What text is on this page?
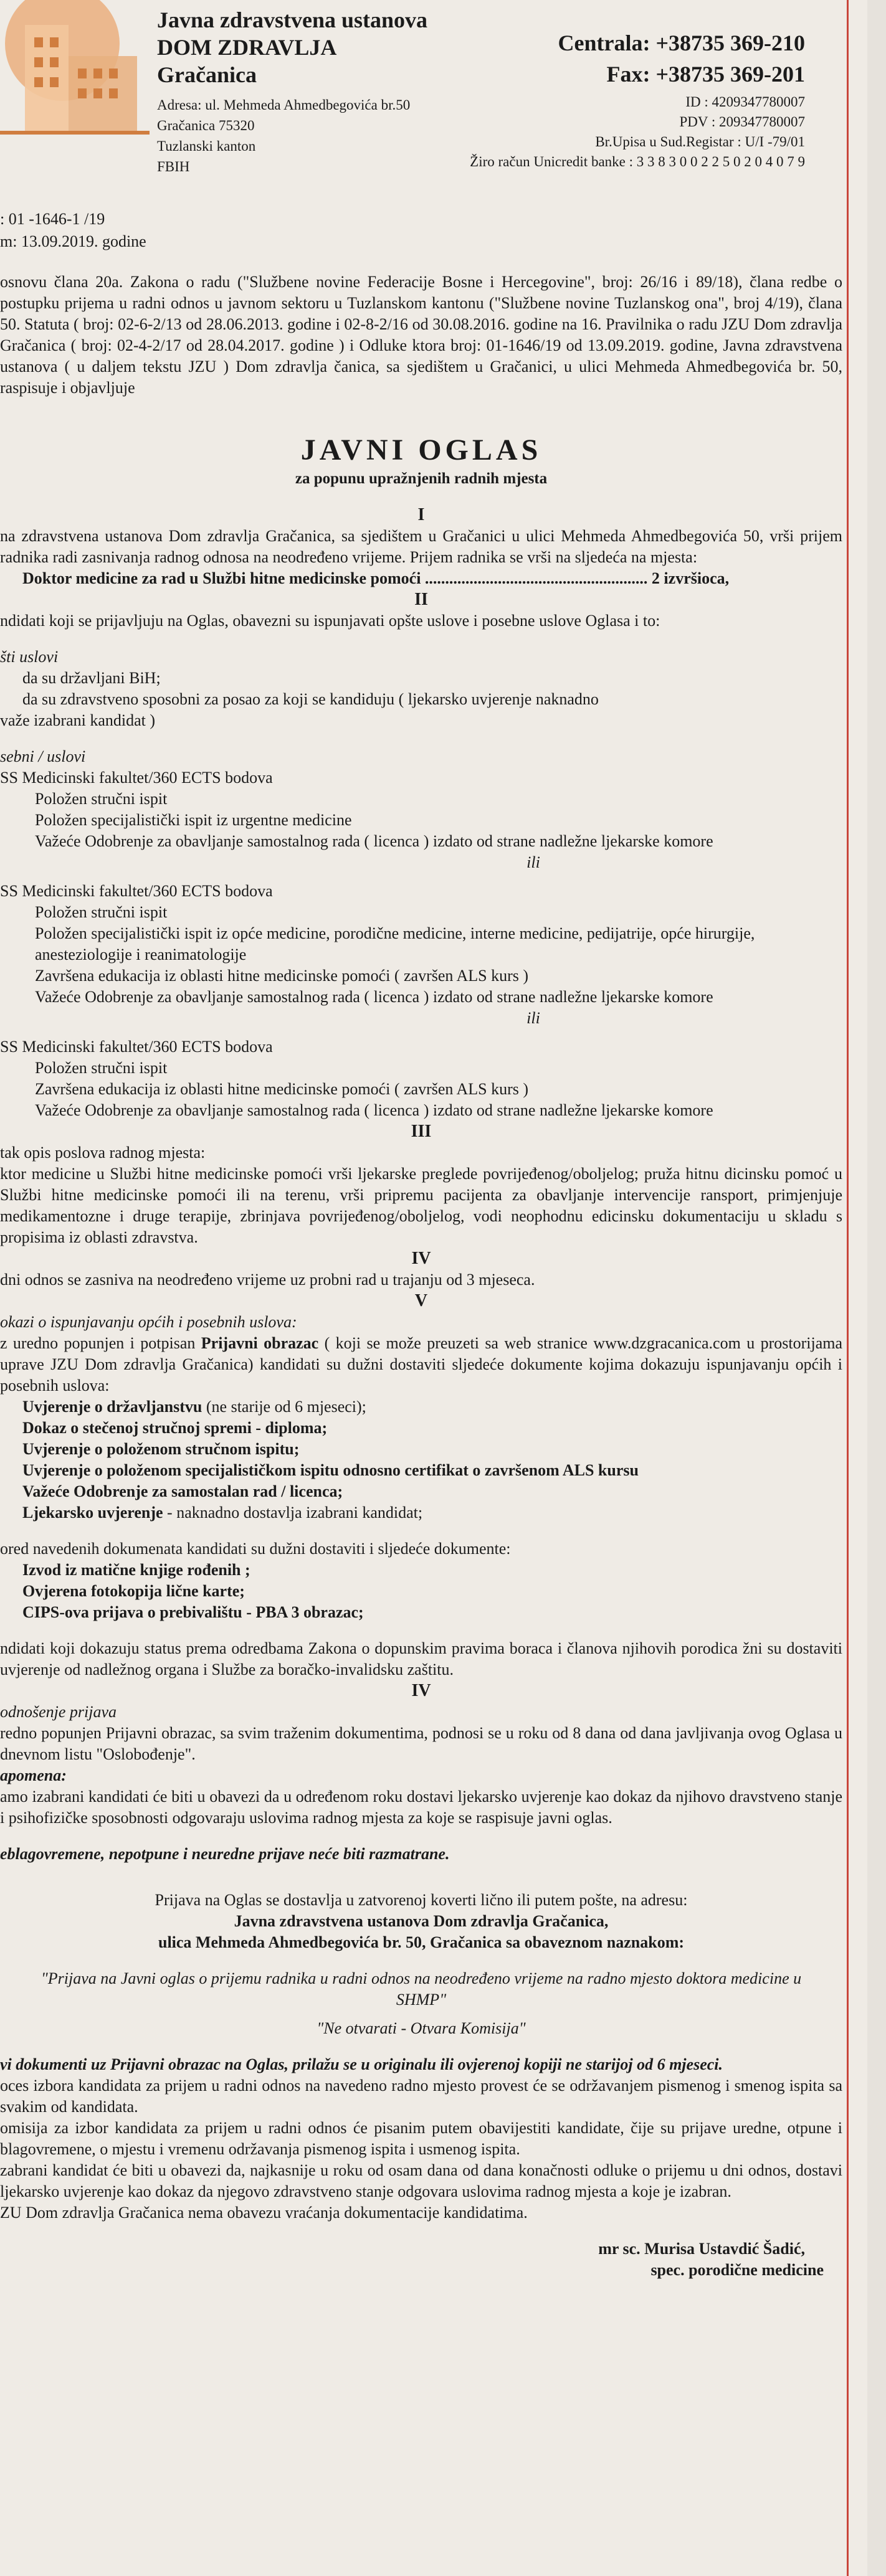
Javna zdravstvena ustanova
DOM ZDRAVLJA
Gračanica
Adresa: ul. Mehmeda Ahmedbegovića br.50
Gračanica 75320
Tuzlanski kanton
FBIH
Centrala: +38735 369-210
Fax: +38735 369-201
ID : 4209347780007
PDV : 209347780007
Br.Upisa u Sud.Registar : U/I -79/01
Žiro račun Unicredit banke : 3 3 8 3 0 0 2 2 5 0 2 0 4 0 7 9
: 01 -1646-1 /19
m: 13.09.2019. godine

osnovu člana 20a. Zakona o radu ("Službene novine Federacije Bosne i Hercegovine", broj: 26/16 i 89/18), člana redbe o postupku prijema u radni odnos u javnom sektoru u Tuzlanskom kantonu ("Službene novine Tuzlanskog ona", broj 4/19), člana 50. Statuta ( broj: 02-6-2/13 od 28.06.2013. godine i 02-8-2/16 od 30.08.2016. godine na 16. Pravilnika o radu JZU Dom zdravlja Gračanica ( broj: 02-4-2/17 od 28.04.2017. godine ) i Odluke ktora broj: 01-1646/19 od 13.09.2019. godine, Javna zdravstvena ustanova ( u daljem tekstu JZU ) Dom zdravlja čanica, sa sjedištem u Gračanici, u ulici Mehmeda Ahmedbegovića br. 50, raspisuje i objavljuje

JAVNI OGLAS
za popunu upražnjenih radnih mjesta
I

na zdravstvena ustanova Dom zdravlja Gračanica, sa sjedištem u Gračanici u ulici Mehmeda Ahmedbegovića 50, vrši prijem radnika radi zasnivanja radnog odnosa na neodređeno vrijeme. Prijem radnika se vrši na sljedeća na mjesta:

Doktor medicine za rad u Službi hitne medicinske pomoći ....................................................... 2 izvršioca,

II

ndidati koji se prijavljuju na Oglas, obavezni su ispunjavati opšte uslove i posebne uslove Oglasa i to:

šti uslovi

da su državljani BiH;

da su zdravstveno sposobni za posao za koji se kandiduju ( ljekarsko uvjerenje naknadno

važe izabrani kandidat )

sebni / uslovi

SS Medicinski fakultet/360 ECTS bodova

Položen stručni ispit

Položen specijalistički ispit iz urgentne medicine

Važeće Odobrenje za obavljanje samostalnog rada ( licenca ) izdato od strane nadležne ljekarske komore

ili

SS Medicinski fakultet/360 ECTS bodova

Položen stručni ispit

Položen specijalistički ispit iz opće medicine, porodične medicine, interne medicine, pedijatrije, opće hirurgije,

anesteziologije i reanimatologije

Završena edukacija iz oblasti hitne medicinske pomoći ( završen ALS kurs )

Važeće Odobrenje za obavljanje samostalnog rada ( licenca ) izdato od strane nadležne ljekarske komore

ili

SS Medicinski fakultet/360 ECTS bodova

Položen stručni ispit

Završena edukacija iz oblasti hitne medicinske pomoći ( završen ALS kurs )

Važeće Odobrenje za obavljanje samostalnog rada ( licenca ) izdato od strane nadležne ljekarske komore

III

tak opis poslova radnog mjesta:

ktor medicine u Službi hitne medicinske pomoći vrši ljekarske preglede povrijeđenog/oboljelog; pruža hitnu dicinsku pomoć u Službi hitne medicinske pomoći ili na terenu, vrši pripremu pacijenta za obavljanje intervencije ransport, primjenjuje medikamentozne i druge terapije, zbrinjava povrijeđenog/oboljelog, vodi neophodnu edicinsku dokumentaciju u skladu s propisima iz oblasti zdravstva.

IV

dni odnos se zasniva na neodređeno vrijeme uz probni rad u trajanju od 3 mjeseca.

V

okazi o ispunjavanju općih i posebnih uslova:

z uredno popunjen i potpisan Prijavni obrazac ( koji se može preuzeti sa web stranice www.dzgracanica.com u prostorijama uprave JZU Dom zdravlja Gračanica) kandidati su dužni dostaviti sljedeće dokumente kojima dokazuju ispunjavanju općih i posebnih uslova:

Uvjerenje o državljanstvu (ne starije od 6 mjeseci);

Dokaz o stečenoj stručnoj spremi - diploma;

Uvjerenje o položenom stručnom ispitu;

Uvjerenje o položenom specijalističkom ispitu odnosno certifikat o završenom ALS kursu

Važeće Odobrenje za samostalan rad / licenca;

Ljekarsko uvjerenje - naknadno dostavlja izabrani kandidat;

ored navedenih dokumenata kandidati su dužni dostaviti i sljedeće dokumente:

Izvod iz matične knjige rođenih ;

Ovjerena fotokopija lične karte;

CIPS-ova prijava o prebivalištu - PBA 3 obrazac;

ndidati koji dokazuju status prema odredbama Zakona o dopunskim pravima boraca i članova njihovih porodica žni su dostaviti uvjerenje od nadležnog organa i Službe za boračko-invalidsku zaštitu.

IV

odnošenje prijava

redno popunjen Prijavni obrazac, sa svim traženim dokumentima, podnosi se u roku od 8 dana od dana javljivanja ovog Oglasa u dnevnom listu "Oslobođenje".

apomena:

amo izabrani kandidati će biti u obavezi da u određenom roku dostavi ljekarsko uvjerenje kao dokaz da njihovo dravstveno stanje i psihofizičke sposobnosti odgovaraju uslovima radnog mjesta za koje se raspisuje javni oglas.

eblagovremene, nepotpune i neuredne prijave neće biti razmatrane.

Prijava na Oglas se dostavlja u zatvorenoj koverti lično ili putem pošte, na adresu:

Javna zdravstvena ustanova Dom zdravlja Gračanica,

ulica Mehmeda Ahmedbegovića br. 50, Gračanica sa obaveznom naznakom:

"Prijava na Javni oglas o prijemu radnika u radni odnos na neodređeno vrijeme na radno mjesto doktora medicine u SHMP"

"Ne otvarati - Otvara Komisija"

vi dokumenti uz Prijavni obrazac na Oglas, prilažu se u originalu ili ovjerenoj kopiji ne starijoj od 6 mjeseci.

oces izbora kandidata za prijem u radni odnos na navedeno radno mjesto provest će se održavanjem pismenog i smenog ispita sa svakim od kandidata.

omisija za izbor kandidata za prijem u radni odnos će pisanim putem obavijestiti kandidate, čije su prijave uredne, otpune i blagovremene, o mjestu i vremenu održavanja pismenog ispita i usmenog ispita.

zabrani kandidat će biti u obavezi da, najkasnije u roku od osam dana od dana konačnosti odluke o prijemu u dni odnos, dostavi ljekarsko uvjerenje kao dokaz da njegovo zdravstveno stanje odgovara uslovima radnog mjesta a koje je izabran.

ZU Dom zdravlja Gračanica nema obavezu vraćanja dokumentacije kandidatima.

mr sc. Murisa Ustavdić Šadić,

spec. porodične medicine
